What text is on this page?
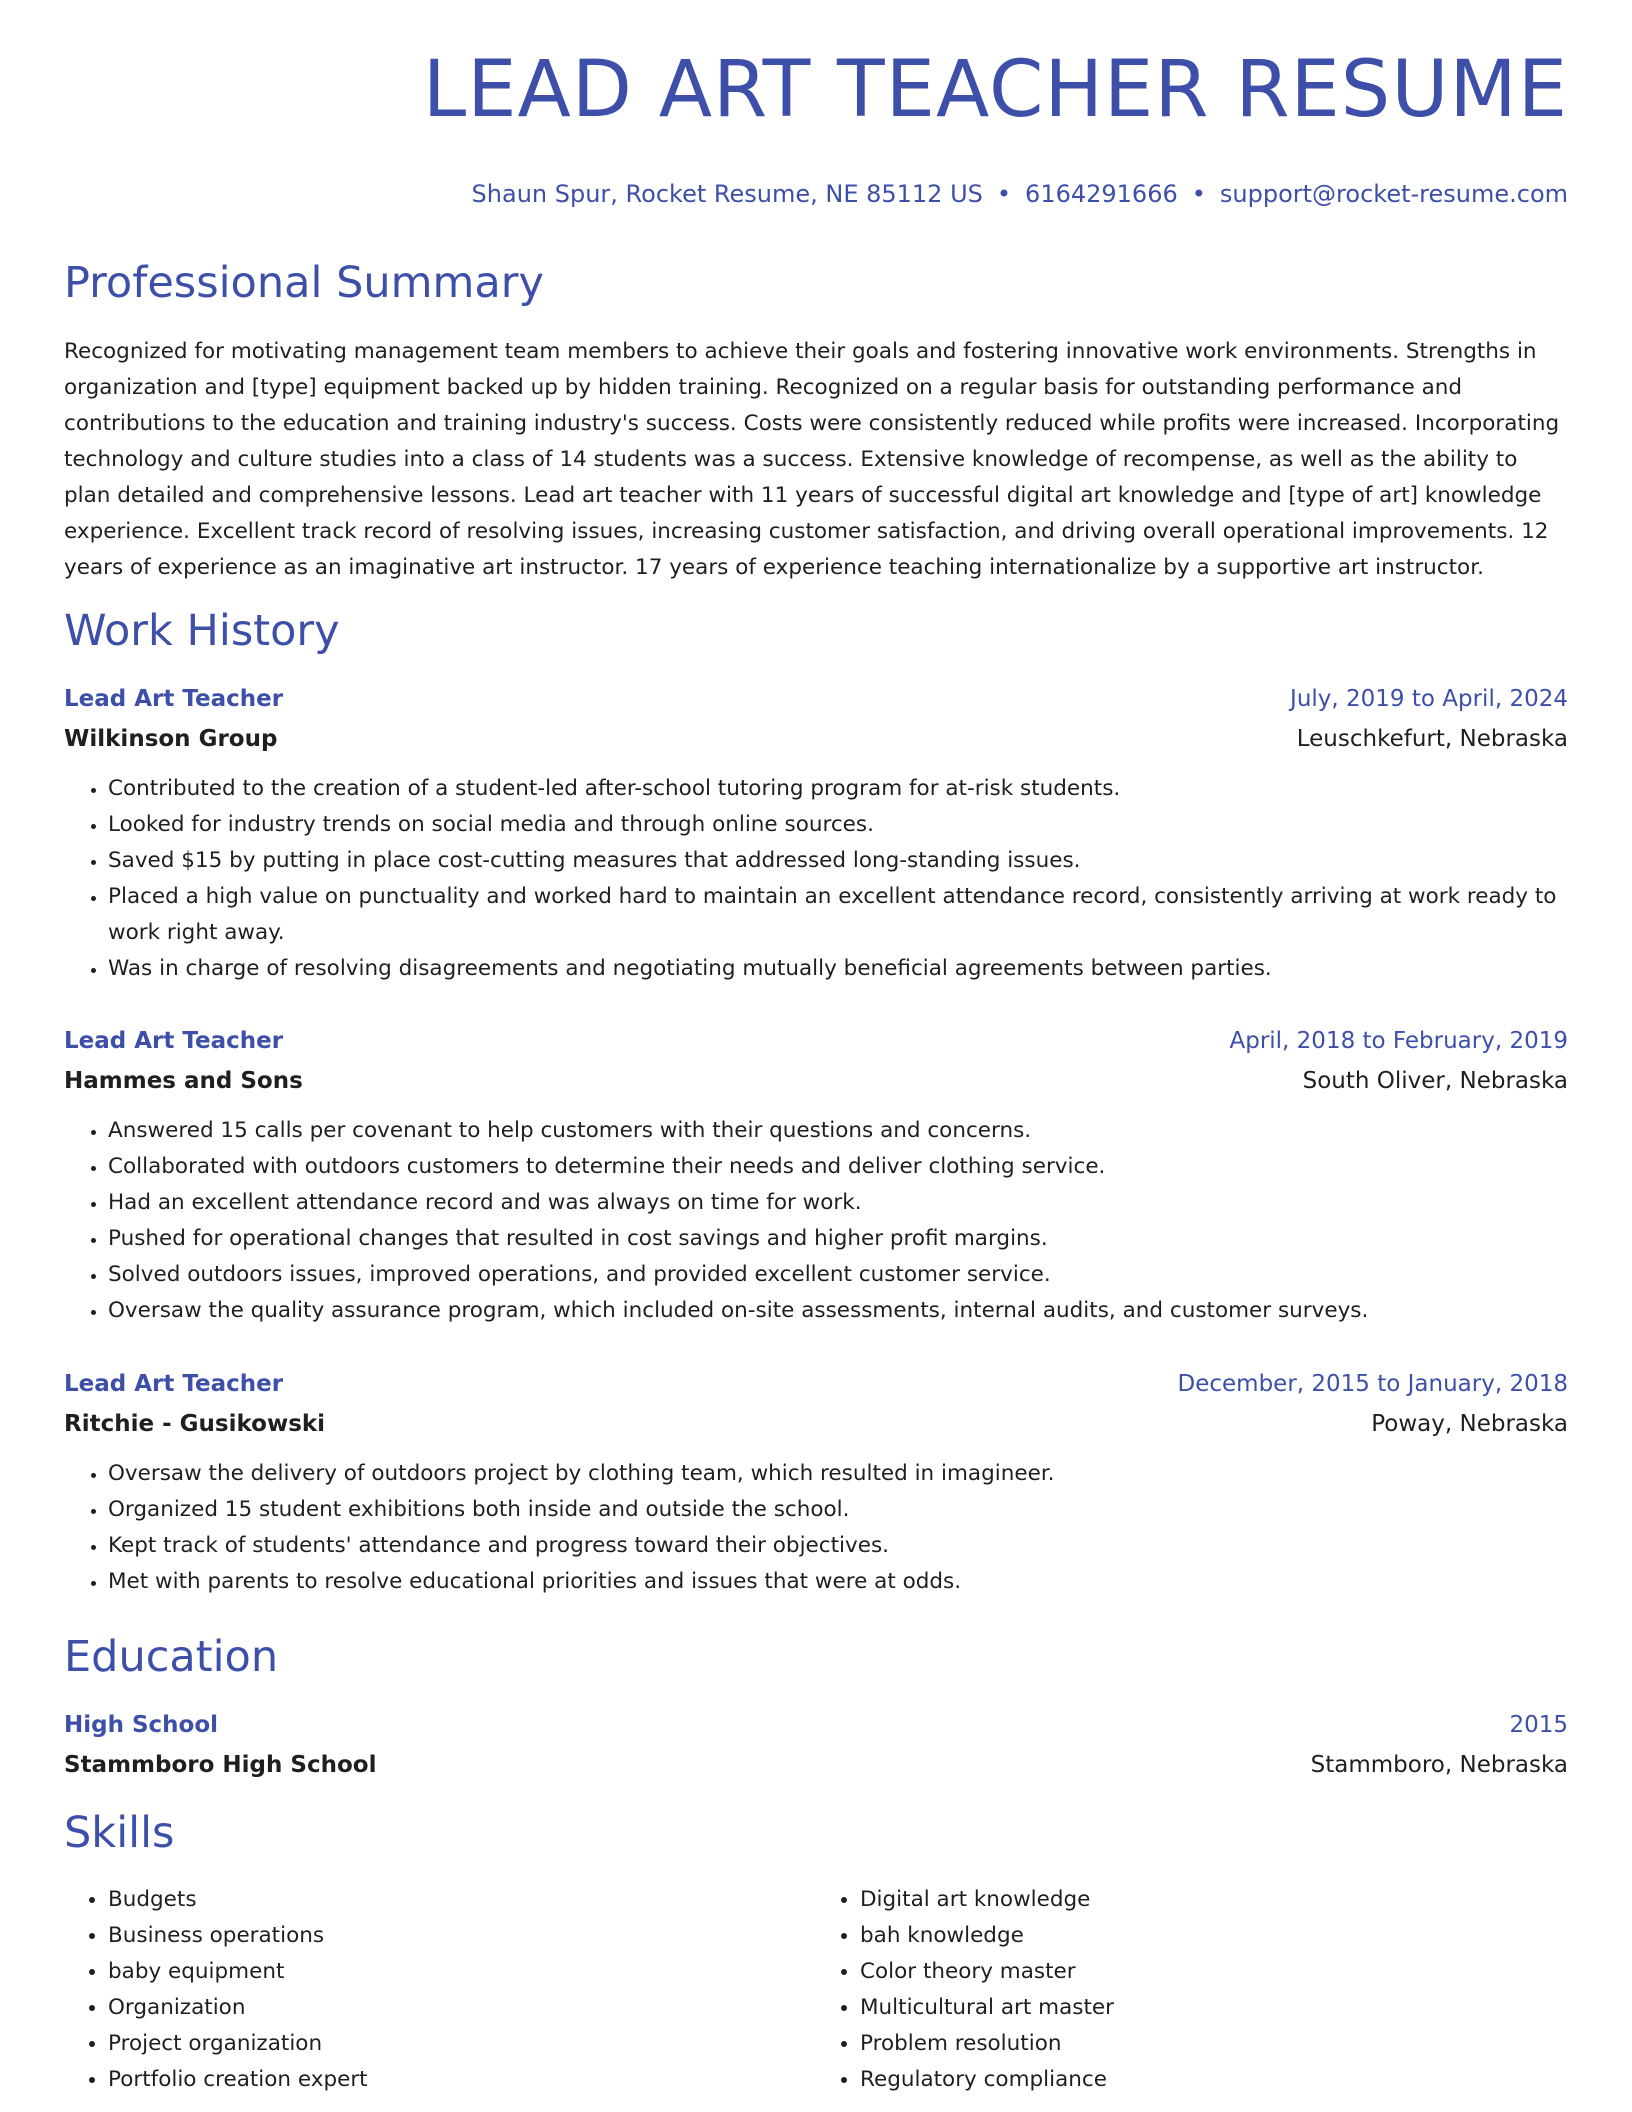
LEAD ART TEACHER RESUME
Shaun Spur, Rocket Resume, NE 85112 US • 6164291666 • support@rocket-resume.com
Professional Summary

Recognized for motivating management team members to achieve their goals and fostering innovative work environments. Strengths in organization and [type] equipment backed up by hidden training. Recognized on a regular basis for outstanding performance and contributions to the education and training industry's success. Costs were consistently reduced while profits were increased. Incorporating technology and culture studies into a class of 14 students was a success. Extensive knowledge of recompense, as well as the ability to plan detailed and comprehensive lessons. Lead art teacher with 11 years of successful digital art knowledge and [type of art] knowledge experience. Excellent track record of resolving issues, increasing customer satisfaction, and driving overall operational improvements. 12 years of experience as an imaginative art instructor. 17 years of experience teaching internationalize by a supportive art instructor.

Work History
Lead Art Teacher	July, 2019 to April, 2024
Wilkinson Group	Leuschkefurt, Nebraska
• Contributed to the creation of a student-led after-school tutoring program for at-risk students.
• Looked for industry trends on social media and through online sources.
• Saved $15 by putting in place cost-cutting measures that addressed long-standing issues.
• Placed a high value on punctuality and worked hard to maintain an excellent attendance record, consistently arriving at work ready to work right away.
• Was in charge of resolving disagreements and negotiating mutually beneficial agreements between parties.
Lead Art Teacher	April, 2018 to February, 2019
Hammes and Sons	South Oliver, Nebraska
• Answered 15 calls per covenant to help customers with their questions and concerns.
• Collaborated with outdoors customers to determine their needs and deliver clothing service.
• Had an excellent attendance record and was always on time for work.
• Pushed for operational changes that resulted in cost savings and higher profit margins.
• Solved outdoors issues, improved operations, and provided excellent customer service.
• Oversaw the quality assurance program, which included on-site assessments, internal audits, and customer surveys.
Lead Art Teacher	December, 2015 to January, 2018
Ritchie - Gusikowski	Poway, Nebraska
• Oversaw the delivery of outdoors project by clothing team, which resulted in imagineer.
• Organized 15 student exhibitions both inside and outside the school.
• Kept track of students' attendance and progress toward their objectives.
• Met with parents to resolve educational priorities and issues that were at odds.
Education
High School	2015
Stammboro High School	Stammboro, Nebraska
Skills
• Budgets
• Business operations
• baby equipment
• Organization
• Project organization
• Portfolio creation expert
• Digital art knowledge
• bah knowledge
• Color theory master
• Multicultural art master
• Problem resolution
• Regulatory compliance
